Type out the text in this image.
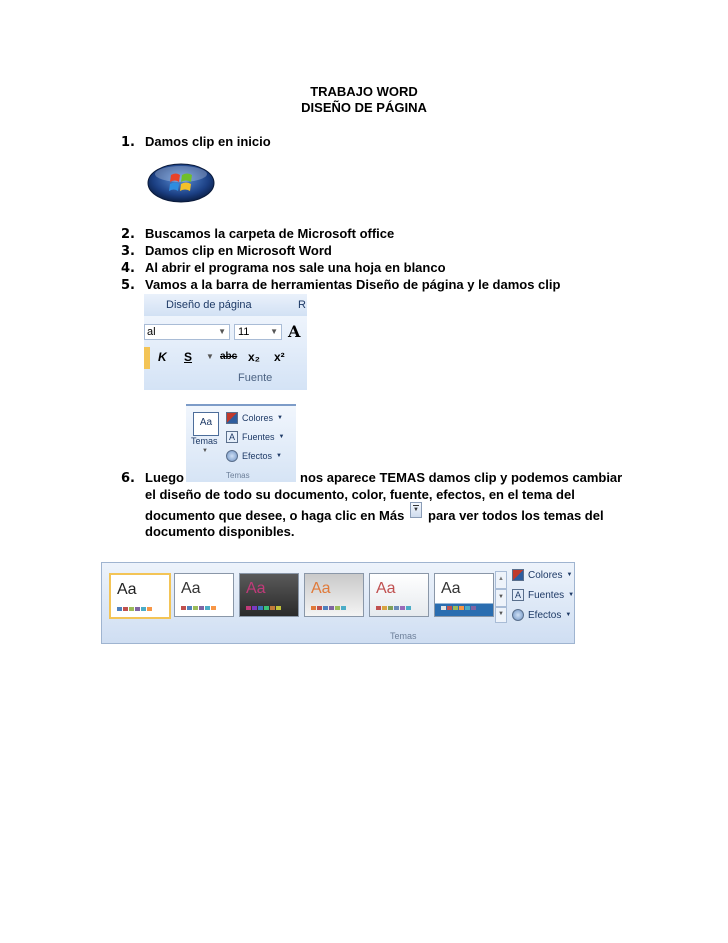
TRABAJO WORD
DISEÑO DE PÁGINA
1. Damos clip en inicio
2. Buscamos la carpeta de Microsoft office
3. Damos clip en Microsoft Word
4. Al abrir el programa nos sale una hoja en blanco
5. Vamos a la barra de herramientas Diseño de página y le damos clip
Diseño de página	R
al	▼ 11	▼ A
K S ▼ abc x₂ x²
Fuente
Aa
Temas
▼
Colores ▼
A Fuentes ▼
Efectos ▼
Temas
6. Luego	nos aparece TEMAS damos clip y podemos cambiar
el diseño de todo su documento, color, fuente, efectos, en el tema del
documento que desee, o haga clic en Más ▼ para ver todos los temas del
documento disponibles.
Aa	Aa	Aa	Aa	Aa	Aa
▲
▼
▼
Colores ▼
A Fuentes ▼
Efectos ▼
Temas
